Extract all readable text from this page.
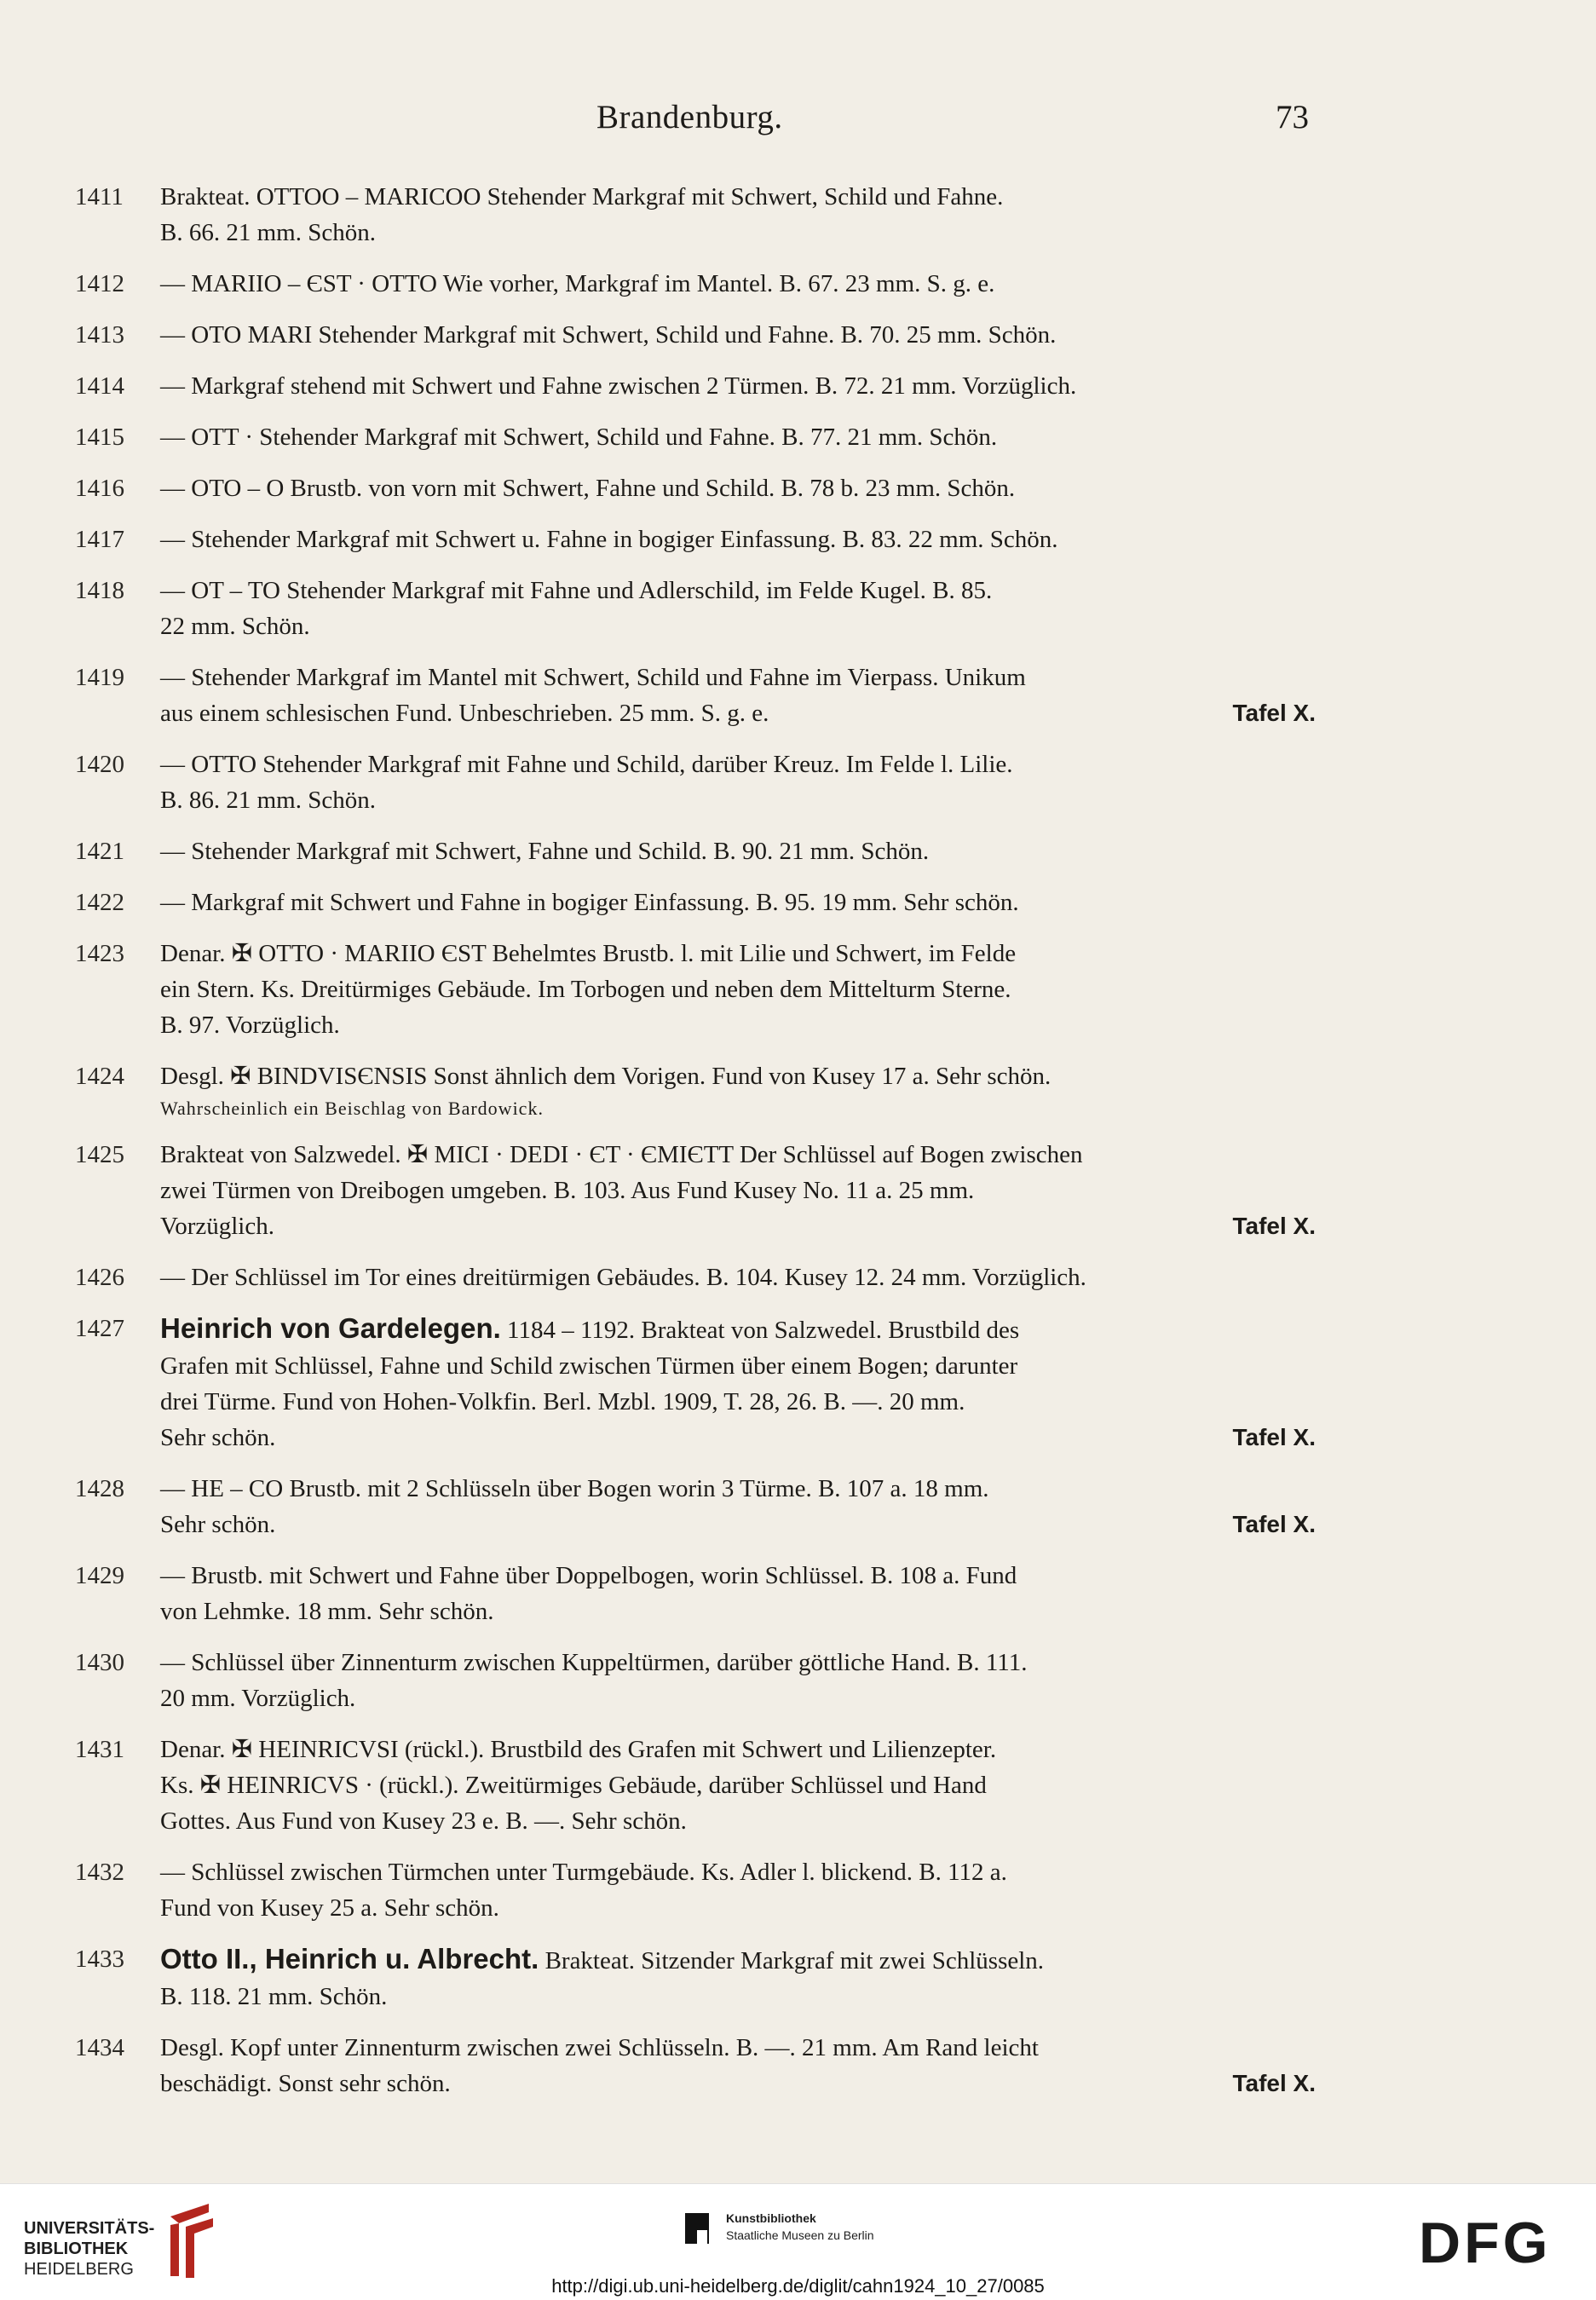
Brandenburg.	73
1411	Brakteat. OTTOO – MARICOO Stehender Markgraf mit Schwert, Schild und Fahne.
B. 66. 21 mm. Schön.
1412	— MARIIO – ЄST · OTTO Wie vorher, Markgraf im Mantel. B. 67. 23 mm. S. g. e.
1413	— OTO MARI Stehender Markgraf mit Schwert, Schild und Fahne. B. 70. 25 mm. Schön.
1414	— Markgraf stehend mit Schwert und Fahne zwischen 2 Türmen. B. 72. 21 mm. Vorzüglich.
1415	— OTT · Stehender Markgraf mit Schwert, Schild und Fahne. B. 77. 21 mm. Schön.
1416	— OTO – O Brustb. von vorn mit Schwert, Fahne und Schild. B. 78 b. 23 mm. Schön.
1417	— Stehender Markgraf mit Schwert u. Fahne in bogiger Einfassung. B. 83. 22 mm. Schön.
1418	— OT – TO Stehender Markgraf mit Fahne und Adlerschild, im Felde Kugel. B. 85.
22 mm. Schön.
1419	— Stehender Markgraf im Mantel mit Schwert, Schild und Fahne im Vierpass. Unikum
aus einem schlesischen Fund. Unbeschrieben. 25 mm. S. g. e.	Tafel X.
1420	— OTTO Stehender Markgraf mit Fahne und Schild, darüber Kreuz. Im Felde l. Lilie.
B. 86. 21 mm. Schön.
1421	— Stehender Markgraf mit Schwert, Fahne und Schild. B. 90. 21 mm. Schön.
1422	— Markgraf mit Schwert und Fahne in bogiger Einfassung. B. 95. 19 mm. Sehr schön.
1423	Denar. ✠ OTTO · MARIIO ЄST Behelmtes Brustb. l. mit Lilie und Schwert, im Felde
ein Stern. Ks. Dreitürmiges Gebäude. Im Torbogen und neben dem Mittelturm Sterne.
B. 97. Vorzüglich.
1424	Desgl. ✠ BINDVISЄNSIS Sonst ähnlich dem Vorigen. Fund von Kusey 17 a. Sehr schön.
Wahrscheinlich ein Beischlag von Bardowick.
1425	Brakteat von Salzwedel. ✠ MICI · DEDI · ЄT · ЄMIЄTT Der Schlüssel auf Bogen zwischen
zwei Türmen von Dreibogen umgeben. B. 103. Aus Fund Kusey No. 11 a. 25 mm.
Vorzüglich.	Tafel X.
1426	— Der Schlüssel im Tor eines dreitürmigen Gebäudes. B. 104. Kusey 12. 24 mm. Vorzüglich.
1427	Heinrich von Gardelegen. 1184 – 1192. Brakteat von Salzwedel. Brustbild des
Grafen mit Schlüssel, Fahne und Schild zwischen Türmen über einem Bogen; darunter
drei Türme. Fund von Hohen-Volkfin. Berl. Mzbl. 1909, T. 28, 26. B. —. 20 mm.
Sehr schön.	Tafel X.
1428	— HE – CO Brustb. mit 2 Schlüsseln über Bogen worin 3 Türme. B. 107 a. 18 mm.
Sehr schön.	Tafel X.
1429	— Brustb. mit Schwert und Fahne über Doppelbogen, worin Schlüssel. B. 108 a. Fund
von Lehmke. 18 mm. Sehr schön.
1430	— Schlüssel über Zinnenturm zwischen Kuppeltürmen, darüber göttliche Hand. B. 111.
20 mm. Vorzüglich.
1431	Denar. ✠ HEINRICVSI (rückl.). Brustbild des Grafen mit Schwert und Lilienzepter.
Ks. ✠ HEINRICVS · (rückl.). Zweitürmiges Gebäude, darüber Schlüssel und Hand
Gottes. Aus Fund von Kusey 23 e. B. —. Sehr schön.
1432	— Schlüssel zwischen Türmchen unter Turmgebäude. Ks. Adler l. blickend. B. 112 a.
Fund von Kusey 25 a. Sehr schön.
1433	Otto II., Heinrich u. Albrecht. Brakteat. Sitzender Markgraf mit zwei Schlüsseln.
B. 118. 21 mm. Schön.
1434	Desgl. Kopf unter Zinnenturm zwischen zwei Schlüsseln. B. —. 21 mm. Am Rand leicht
beschädigt. Sonst sehr schön.	Tafel X.
UNIVERSITÄTS-
BIBLIOTHEK
HEIDELBERG
Kunstbibliothek
Staatliche Museen zu Berlin	DFG
http://digi.ub.uni-heidelberg.de/diglit/cahn1924_10_27/0085
